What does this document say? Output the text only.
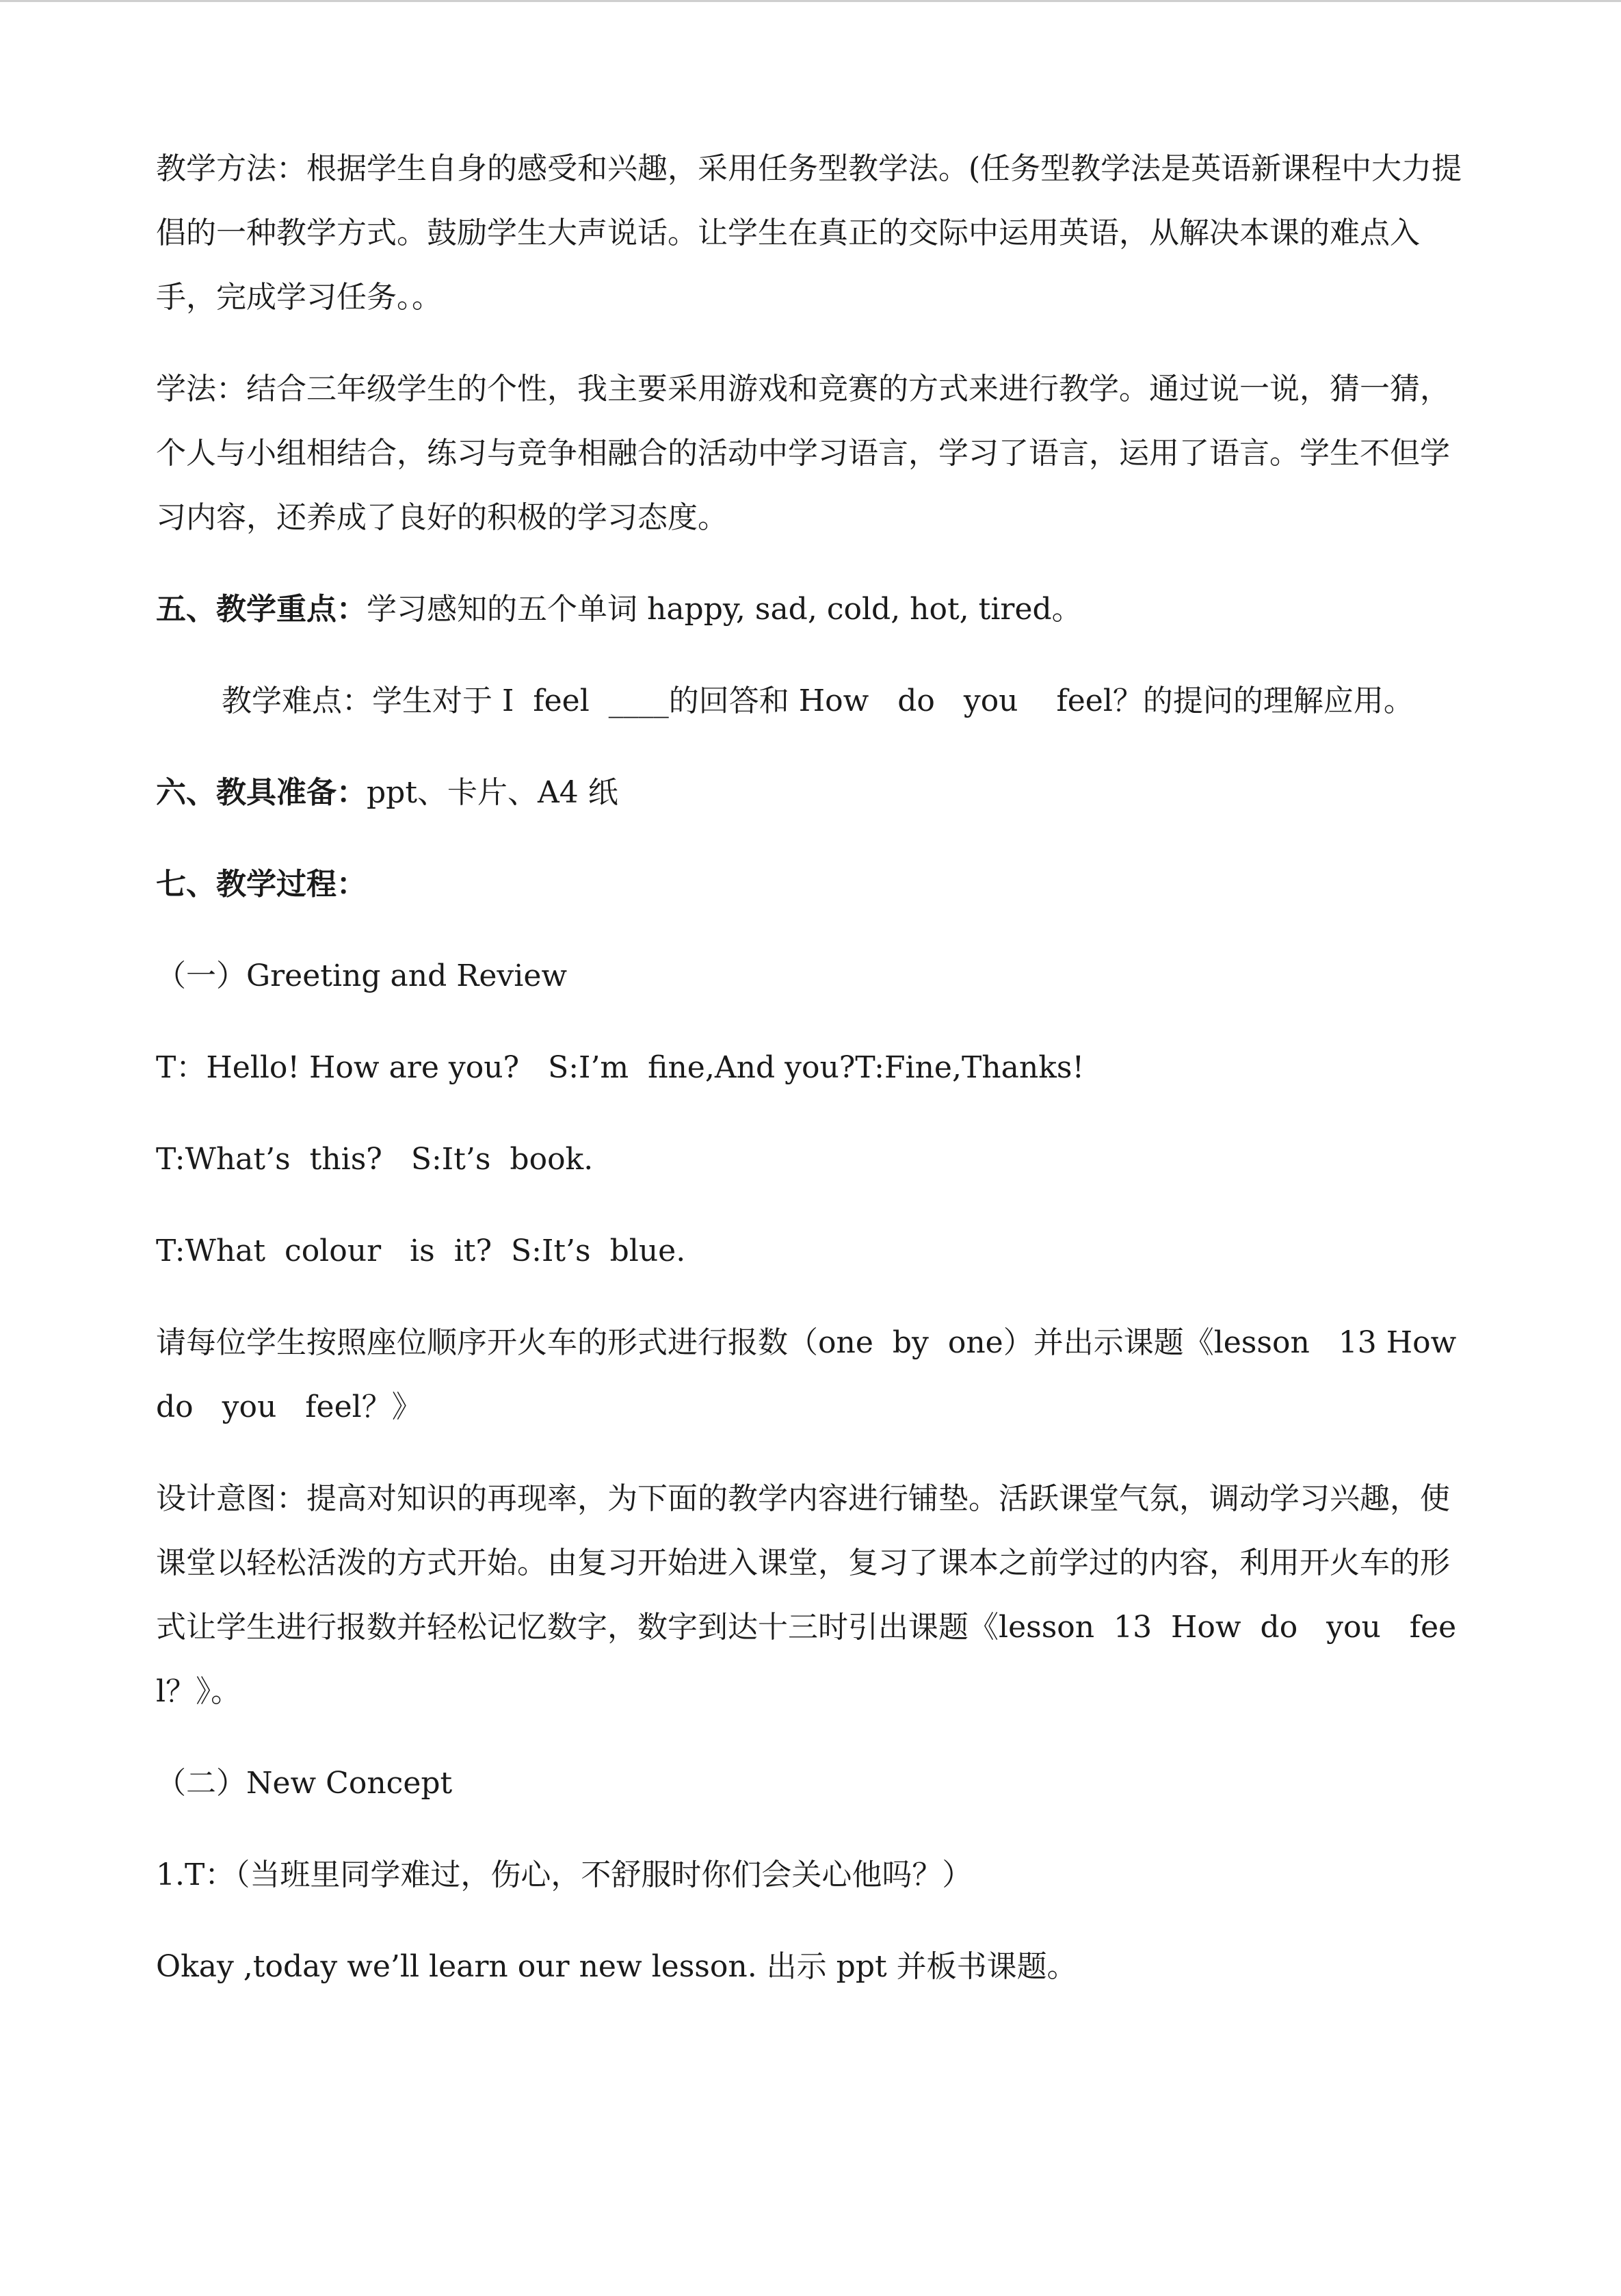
教学方法：根据学生自身的感受和兴趣，采用任务型教学法。(任务型教学法是英语新课程中大力提倡的一种教学方式。鼓励学生大声说话。让学生在真正的交际中运用英语，从解决本课的难点入手，完成学习任务。。

学法：结合三年级学生的个性，我主要采用游戏和竞赛的方式来进行教学。通过说一说，猜一猜，个人与小组相结合，练习与竞争相融合的活动中学习语言，学习了语言，运用了语言。学生不但学习内容，还养成了良好的积极的学习态度。

五、教学重点：学习感知的五个单词 happy, sad, cold, hot, tired。

教学难点：学生对于 I  feel  ____的回答和 How   do   you    feel？的提问的理解应用。

六、教具准备：ppt、卡片、A4 纸

七、教学过程：

（一）Greeting and Review

T：Hello! How are you?   S:I’m  fine,And you?T:Fine,Thanks!

T:What’s  this?   S:It’s  book.

T:What  colour   is  it?  S:It’s  blue.

请每位学生按照座位顺序开火车的形式进行报数（one  by  one）并出示课题《lesson   13 How  do   you   feel？》

设计意图：提高对知识的再现率，为下面的教学内容进行铺垫。活跃课堂气氛，调动学习兴趣，使课堂以轻松活泼的方式开始。由复习开始进入课堂，复习了课本之前学过的内容，利用开火车的形式让学生进行报数并轻松记忆数字，数字到达十三时引出课题《lesson  13  How  do   you   feel？》。

（二）New Concept

1.T：（当班里同学难过，伤心，不舒服时你们会关心他吗？）

Okay ,today we’ll learn our new lesson. 出示 ppt 并板书课题。
